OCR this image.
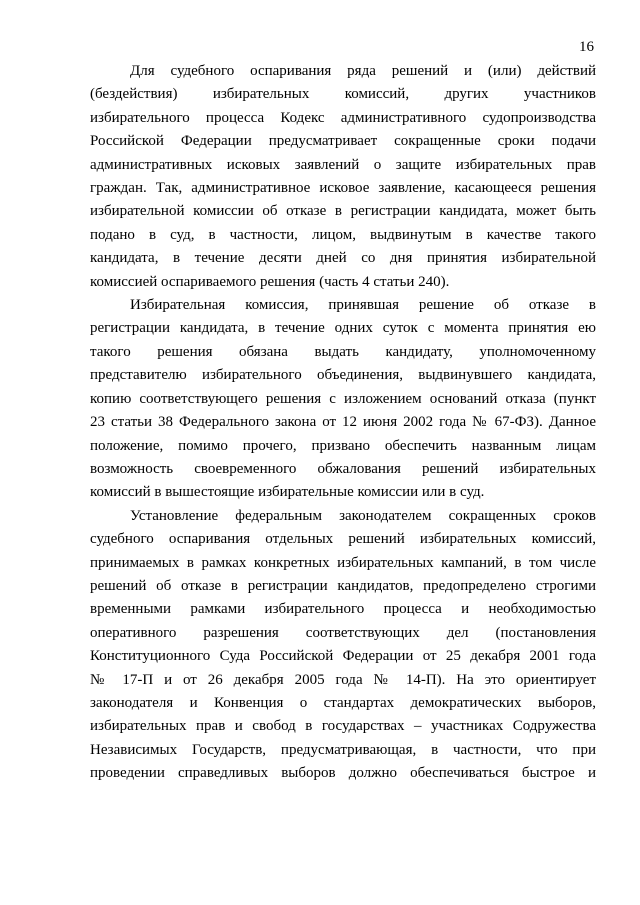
16
Для судебного оспаривания ряда решений и (или) действий
(бездействия) избирательных комиссий, других участников
избирательного процесса Кодекс административного судопроизводства
Российской Федерации предусматривает сокращенные сроки подачи
административных исковых заявлений о защите избирательных прав
граждан. Так, административное исковое заявление, касающееся решения
избирательной комиссии об отказе в регистрации кандидата, может быть
подано в суд, в частности, лицом, выдвинутым в качестве такого
кандидата, в течение десяти дней со дня принятия избирательной
комиссией оспариваемого решения (часть 4 статьи 240).
Избирательная комиссия, принявшая решение об отказе в
регистрации кандидата, в течение одних суток с момента принятия ею
такого решения обязана выдать кандидату, уполномоченному
представителю избирательного объединения, выдвинувшего кандидата,
копию соответствующего решения с изложением оснований отказа (пункт
23 статьи 38 Федерального закона от 12 июня 2002 года № 67-ФЗ). Данное
положение, помимо прочего, призвано обеспечить названным лицам
возможность своевременного обжалования решений избирательных
комиссий в вышестоящие избирательные комиссии или в суд.
Установление федеральным законодателем сокращенных сроков
судебного оспаривания отдельных решений избирательных комиссий,
принимаемых в рамках конкретных избирательных кампаний, в том числе
решений об отказе в регистрации кандидатов, предопределено строгими
временными рамками избирательного процесса и необходимостью
оперативного разрешения соответствующих дел (постановления
Конституционного Суда Российской Федерации от 25 декабря 2001 года
№ 17-П и от 26 декабря 2005 года № 14-П). На это ориентирует
законодателя и Конвенция о стандартах демократических выборов,
избирательных прав и свобод в государствах – участниках Содружества
Независимых Государств, предусматривающая, в частности, что при
проведении справедливых выборов должно обеспечиваться быстрое и
